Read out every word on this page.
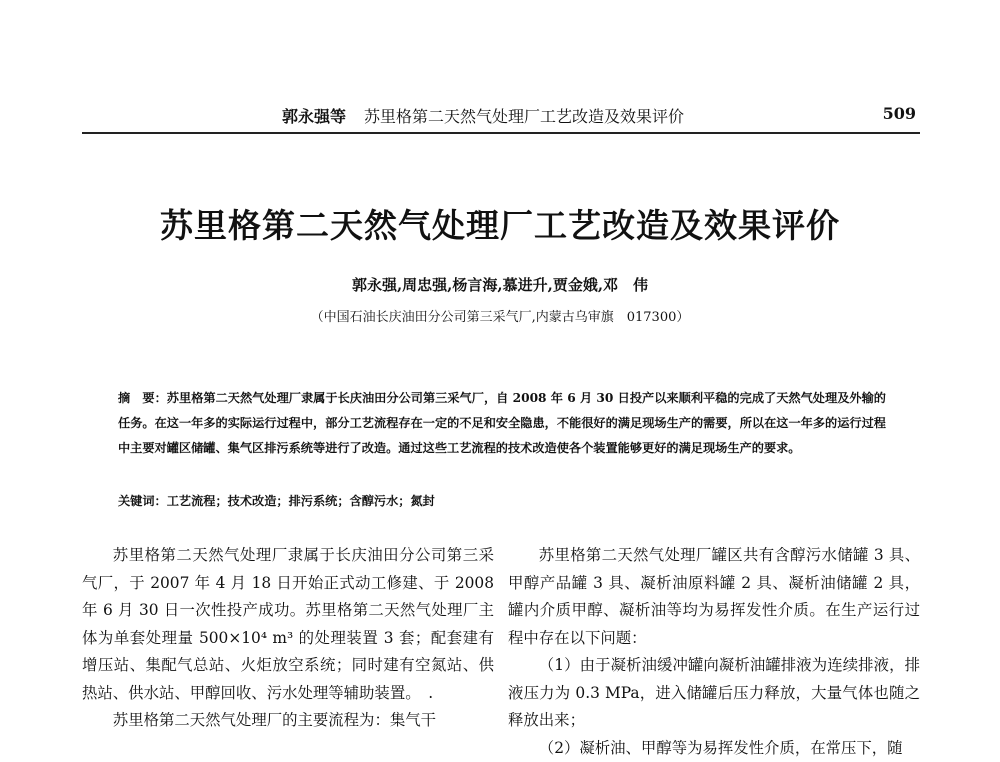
郭永强等 苏里格第二天然气处理厂工艺改造及效果评价	509
苏里格第二天然气处理厂工艺改造及效果评价
郭永强,周忠强,杨言海,慕进升,贾金娥,邓　伟
（中国石油长庆油田分公司第三采气厂,内蒙古乌审旗　017300）
摘　要：苏里格第二天然气处理厂隶属于长庆油田分公司第三采气厂，自 2008 年 6 月 30 日投产以来顺利平稳的完成了天然气处理及外输的任务。在这一年多的实际运行过程中，部分工艺流程存在一定的不足和安全隐患，不能很好的满足现场生产的需要，所以在这一年多的运行过程中主要对罐区储罐、集气区排污系统等进行了改造。通过这些工艺流程的技术改造使各个装置能够更好的满足现场生产的要求。
关键词：工艺流程；技术改造；排污系统；含醇污水；氮封

苏里格第二天然气处理厂隶属于长庆油田分公司第三采气厂，于 2007 年 4 月 18 日开始正式动工修建、于 2008 年 6 月 30 日一次性投产成功。苏里格第二天然气处理厂主体为单套处理量 500×10⁴ m³ 的处理装置 3 套；配套建有增压站、集配气总站、火炬放空系统；同时建有空氮站、供热站、供水站、甲醇回收、污水处理等辅助装置。　.

苏里格第二天然气处理厂的主要流程为：集气干

苏里格第二天然气处理厂罐区共有含醇污水储罐 3 具、甲醇产品罐 3 具、凝析油原料罐 2 具、凝析油储罐 2 具，罐内介质甲醇、凝析油等均为易挥发性介质。在生产运行过程中存在以下问题：

（1）由于凝析油缓冲罐向凝析油罐排液为连续排液，排液压力为 0.3 MPa，进入储罐后压力释放，大量气体也随之释放出来；

（2）凝析油、甲醇等为易挥发性介质，在常压下，随
